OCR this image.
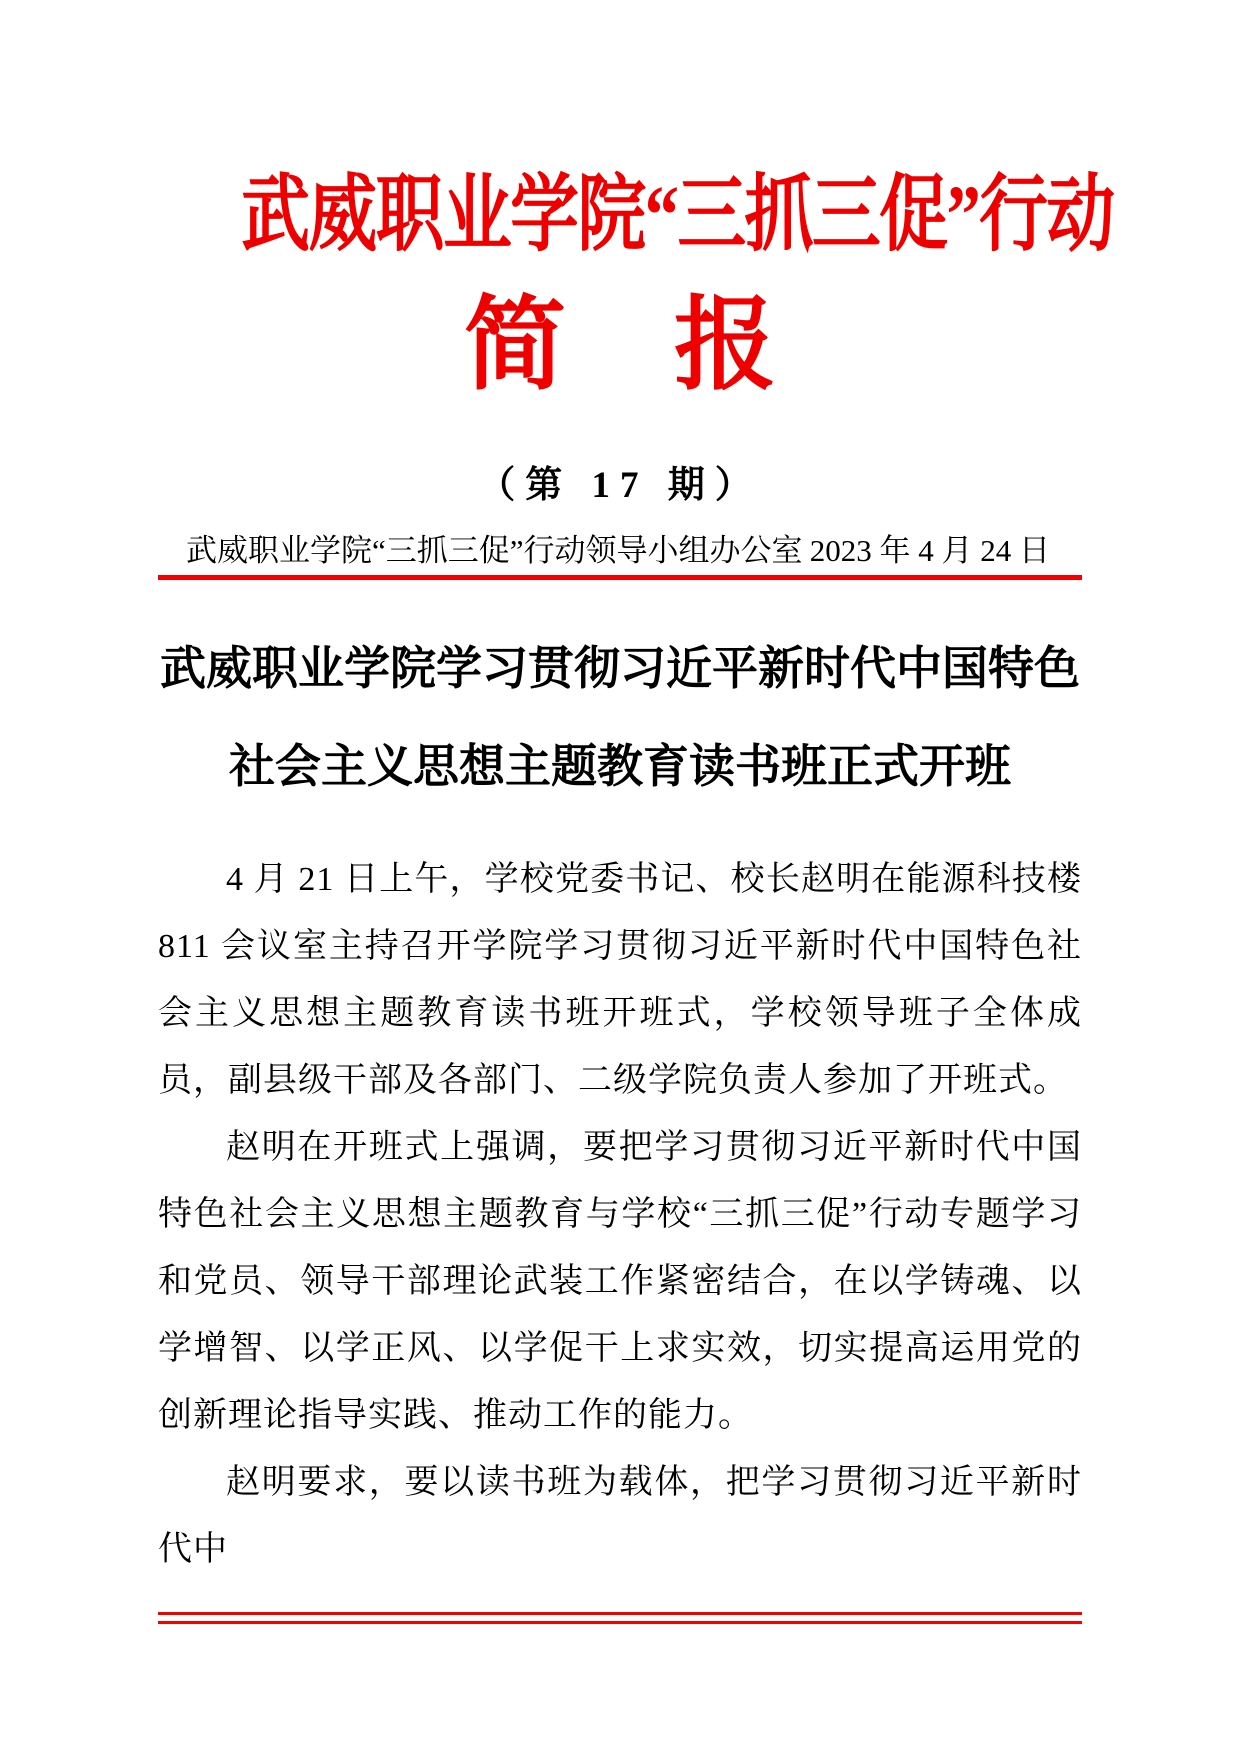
武威职业学院“三抓三促”行动
简 报
（第 17 期）
武威职业学院“三抓三促”行动领导小组办公室 2023 年 4 月 24 日
武威职业学院学习贯彻习近平新时代中国特色
社会主义思想主题教育读书班正式开班

4 月 21 日上午，学校党委书记、校长赵明在能源科技楼 811 会议室主持召开学院学习贯彻习近平新时代中国特色社会主义思想主题教育读书班开班式，学校领导班子全体成员，副县级干部及各部门、二级学院负责人参加了开班式。

赵明在开班式上强调，要把学习贯彻习近平新时代中国特色社会主义思想主题教育与学校“三抓三促”行动专题学习和党员、领导干部理论武装工作紧密结合，在以学铸魂、以学增智、以学正风、以学促干上求实效，切实提高运用党的创新理论指导实践、推动工作的能力。

赵明要求，要以读书班为载体，把学习贯彻习近平新时代中
